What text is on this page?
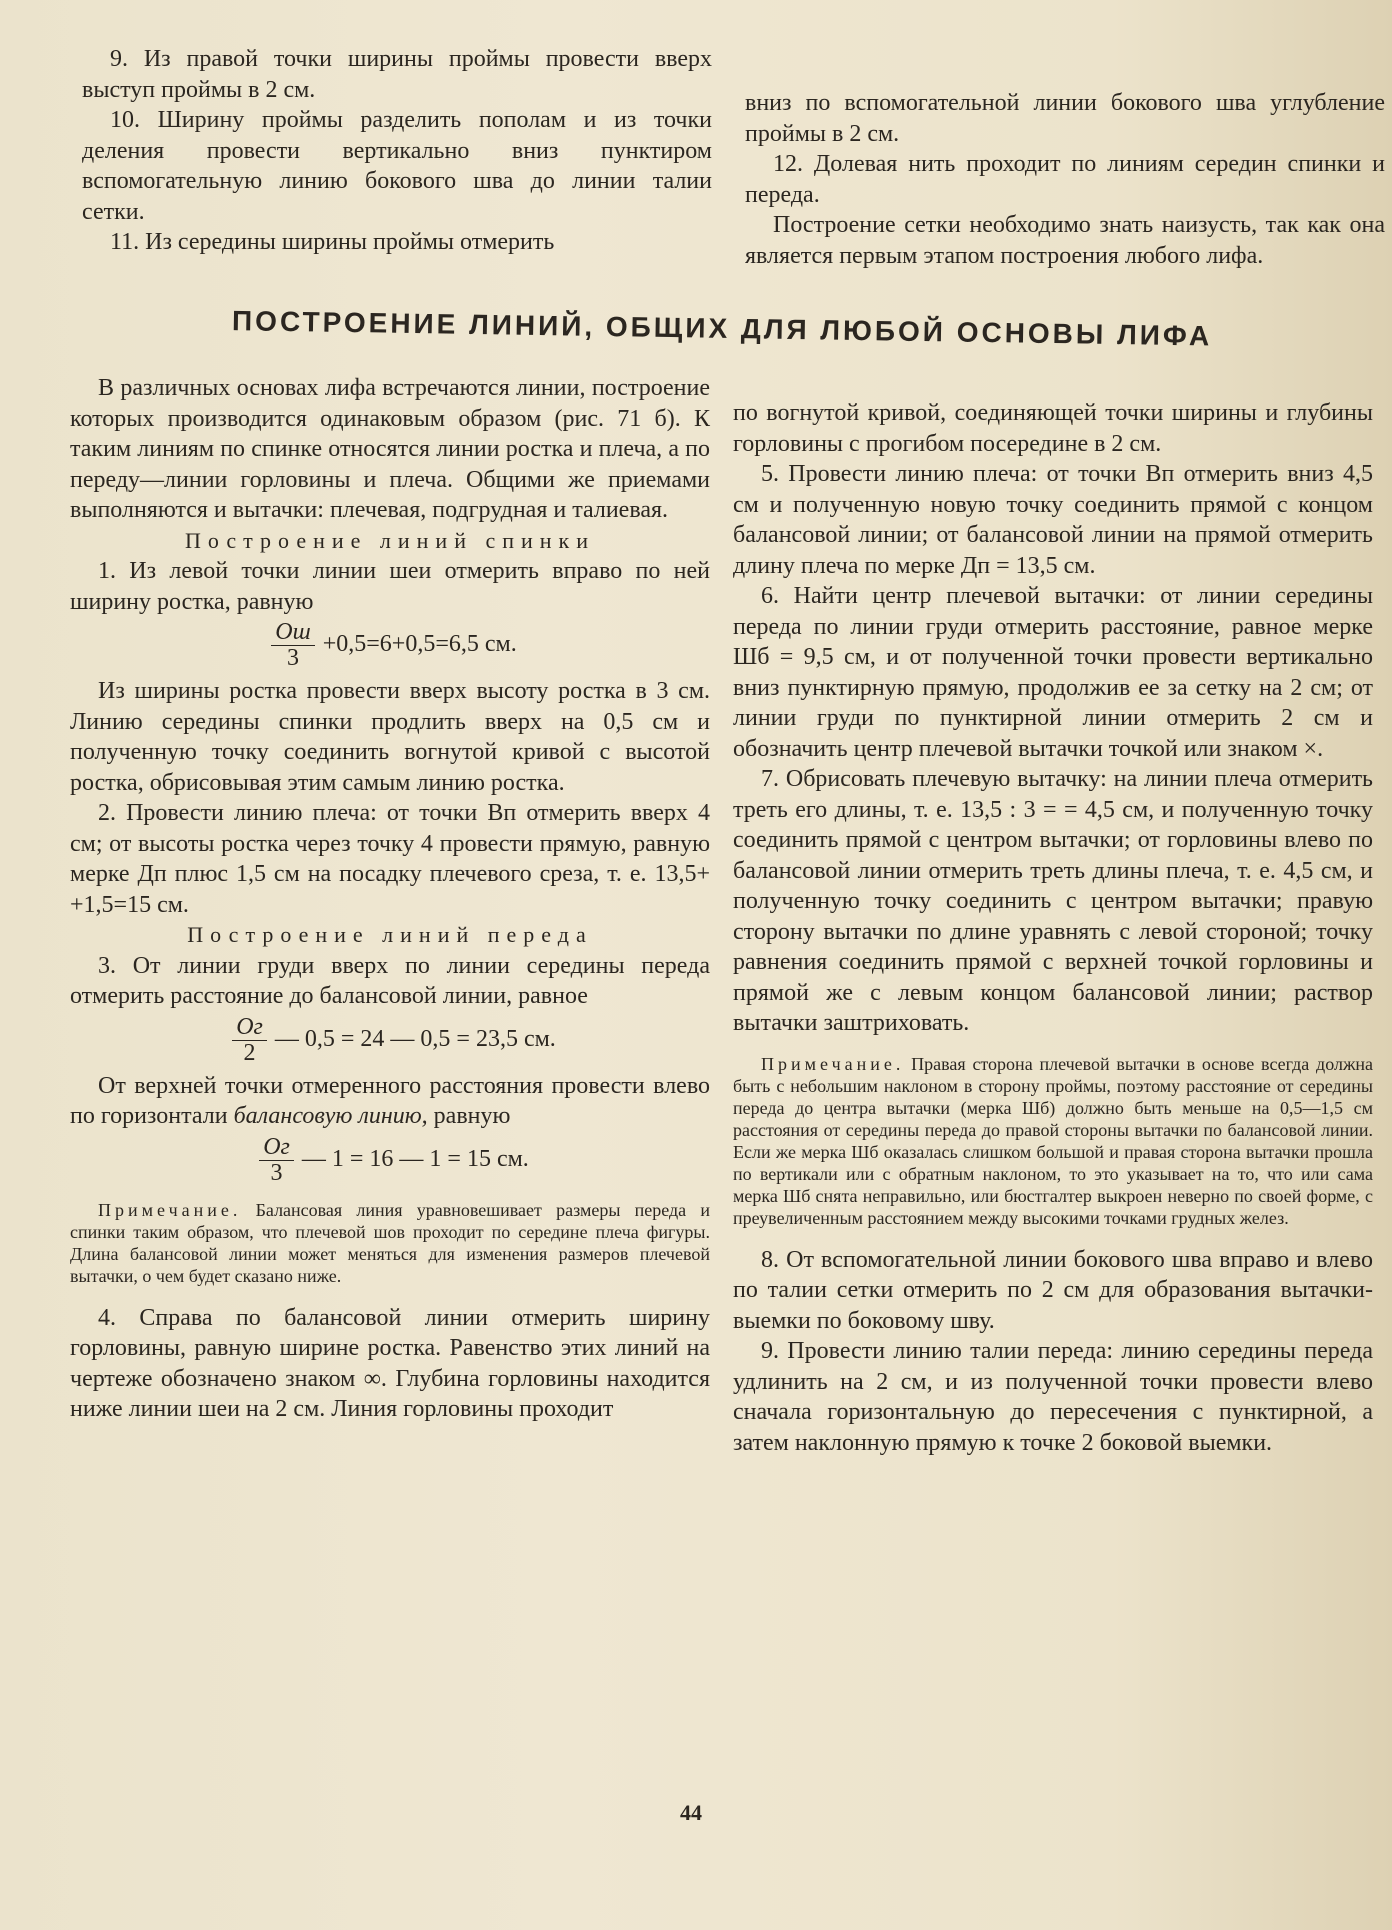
9. Из правой точки ширины проймы провести вверх выступ проймы в 2 см.

10. Ширину проймы разделить пополам и из точки деления провести вертикально вниз пунктиром вспомогательную линию бокового шва до линии талии сетки.

11. Из середины ширины проймы отмерить

вниз по вспомогательной линии бокового шва углубление проймы в 2 см.

12. Долевая нить проходит по линиям середин спинки и переда.

Построение сетки необходимо знать наизусть, так как она является первым этапом построения любого лифа.

ПОСТРОЕНИЕ ЛИНИЙ, ОБЩИХ ДЛЯ ЛЮБОЙ ОСНОВЫ ЛИФА

В различных основах лифа встречаются линии, построение которых производится одинаковым образом (рис. 71 б). К таким линиям по спинке относятся линии ростка и плеча, а по переду—линии горловины и плеча. Общими же приемами выполняются и вытачки: плечевая, подгрудная и талиевая.

Построение линий спинки

1. Из левой точки линии шеи отмерить вправо по ней ширину ростка, равную

$\frac{Ош}{3} +0,5=6+0,5=6,5$ см.

Из ширины ростка провести вверх высоту ростка в 3 см. Линию середины спинки продлить вверх на 0,5 см и полученную точку соединить вогнутой кривой с высотой ростка, обрисовывая этим самым линию ростка.

2. Провести линию плеча: от точки Вп отмерить вверх 4 см; от высоты ростка через точку 4 провести прямую, равную мерке Дп плюс 1,5 см на посадку плечевого среза, т. е. 13,5+ +1,5=15 см.

Построение линий переда

3. От линии груди вверх по линии середины переда отмерить расстояние до балансовой линии, равное

$\frac{Ог}{2}$ — 0,5 = 24 — 0,5 = 23,5 см.

От верхней точки отмеренного расстояния провести влево по горизонтали балансовую линию, равную

$\frac{Ог}{3}$ — 1 = 16 — 1 = 15 см.
Примечание. Балансовая линия уравновешивает размеры переда и спинки таким образом, что плечевой шов проходит по середине плеча фигуры. Длина балансовой линии может меняться для изменения размеров плечевой вытачки, о чем будет сказано ниже.

4. Справа по балансовой линии отмерить ширину горловины, равную ширине ростка. Равенство этих линий на чертеже обозначено знаком ∞. Глубина горловины находится ниже линии шеи на 2 см. Линия горловины проходит

по вогнутой кривой, соединяющей точки ширины и глубины горловины с прогибом посередине в 2 см.

5. Провести линию плеча: от точки Вп отмерить вниз 4,5 см и полученную новую точку соединить прямой с концом балансовой линии; от балансовой линии на прямой отмерить длину плеча по мерке Дп = 13,5 см.

6. Найти центр плечевой вытачки: от линии середины переда по линии груди отмерить расстояние, равное мерке Шб = 9,5 см, и от полученной точки провести вертикально вниз пунктирную прямую, продолжив ее за сетку на 2 см; от линии груди по пунктирной линии отмерить 2 см и обозначить центр плечевой вытачки точкой или знаком ×.

7. Обрисовать плечевую вытачку: на линии плеча отмерить треть его длины, т. е. 13,5 : 3 = = 4,5 см, и полученную точку соединить прямой с центром вытачки; от горловины влево по балансовой линии отмерить треть длины плеча, т. е. 4,5 см, и полученную точку соединить с центром вытачки; правую сторону вытачки по длине уравнять с левой стороной; точку равнения соединить прямой с верхней точкой горловины и прямой же с левым концом балансовой линии; раствор вытачки заштриховать.

Примечание. Правая сторона плечевой вытачки в основе всегда должна быть с небольшим наклоном в сторону проймы, поэтому расстояние от середины переда до центра вытачки (мерка Шб) должно быть меньше на 0,5—1,5 см расстояния от середины переда до правой стороны вытачки по балансовой линии. Если же мерка Шб оказалась слишком большой и правая сторона вытачки прошла по вертикали или с обратным наклоном, то это указывает на то, что или сама мерка Шб снята неправильно, или бюстгалтер выкроен неверно по своей форме, с преувеличенным расстоянием между высокими точками грудных желез.

8. От вспомогательной линии бокового шва вправо и влево по талии сетки отмерить по 2 см для образования вытачки-выемки по боковому шву.

9. Провести линию талии переда: линию середины переда удлинить на 2 см, и из полученной точки провести влево сначала горизонтальную до пересечения с пунктирной, а затем наклонную прямую к точке 2 боковой выемки.

44
